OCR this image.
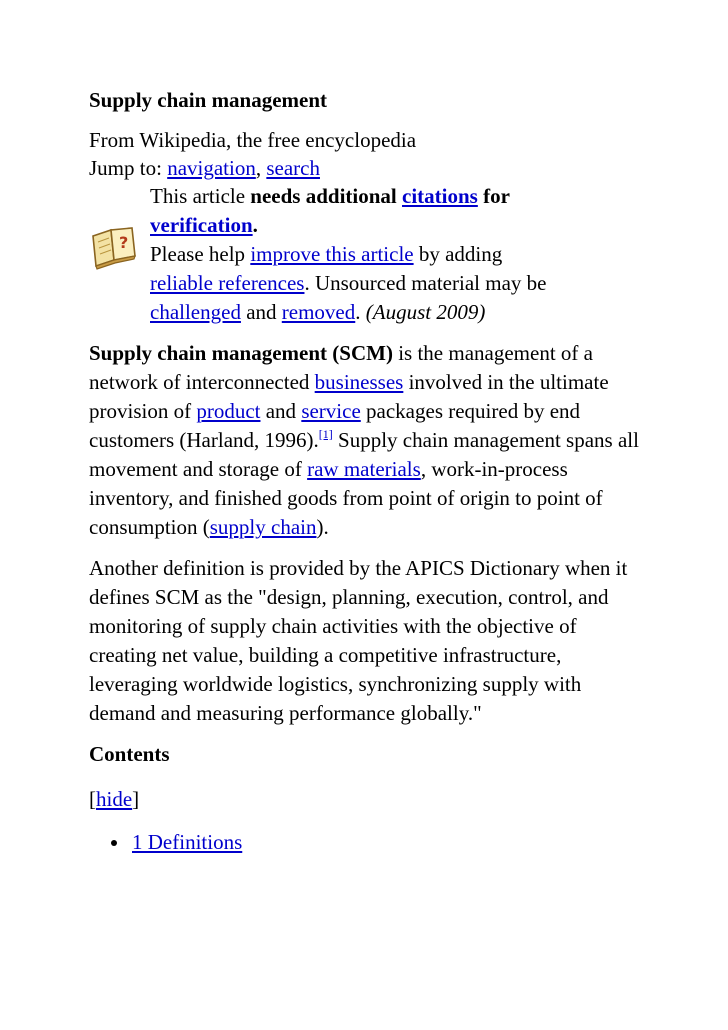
Supply chain management
From Wikipedia, the free encyclopedia
Jump to: navigation, search
?
This article needs additional citations for
verification.
Please help improve this article by adding
reliable references. Unsourced material may be
challenged and removed. (August 2009)

Supply chain management (SCM) is the management of a network of interconnected businesses involved in the ultimate provision of product and service packages required by end customers (Harland, 1996).[1] Supply chain management spans all movement and storage of raw materials, work-in-process inventory, and finished goods from point of origin to point of consumption (supply chain).

Another definition is provided by the APICS Dictionary when it defines SCM as the "design, planning, execution, control, and monitoring of supply chain activities with the objective of creating net value, building a competitive infrastructure, leveraging worldwide logistics, synchronizing supply with demand and measuring performance globally."

Contents
[hide]
1 Definitions
